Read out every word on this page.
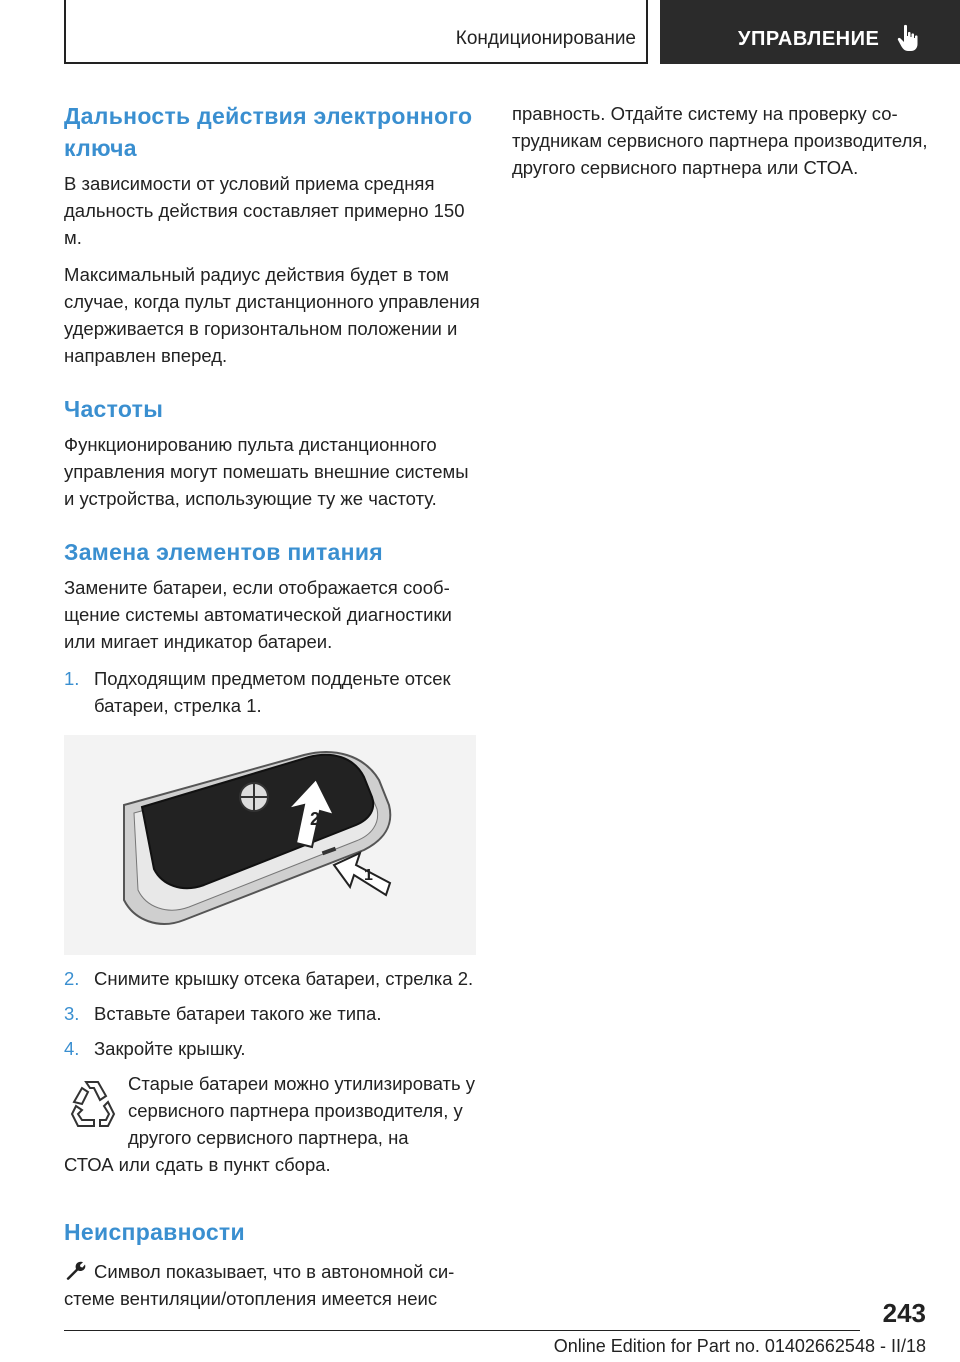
Кондиционирование	УПРАВЛЕНИЕ
Дальность действия электронного ключа

В зависимости от условий приема средняя дальность действия составляет примерно 150 м.

Максимальный радиус действия будет в том случае, когда пульт дистанционного управления удерживается в горизонтальном положении и направлен вперед.

Частоты

Функционированию пульта дистанционного управления могут помешать внешние системы и устройства, использующие ту же частоту.

Замена элементов питания

Замените батареи, если отображается сообщение системы автоматической диагностики или мигает индикатор батареи.

1. Подходящим предметом подденьте отсек батареи, стрелка 1.
2
1
2. Снимите крышку отсека батареи, стрелка 2.
3. Вставьте батареи такого же типа.
4. Закройте крышку.
Старые батареи можно утилизировать у сервисного партнера производителя, у другого сервисного партнера, на
СТОА или сдать в пункт сбора.
Неисправности

Символ показывает, что в автономной системе вентиляции/отопления имеется неис

правность. Отдайте систему на проверку сотрудникам сервисного партнера производителя, другого сервисного партнера или СТОА.

243
Online Edition for Part no. 01402662548 - II/18
